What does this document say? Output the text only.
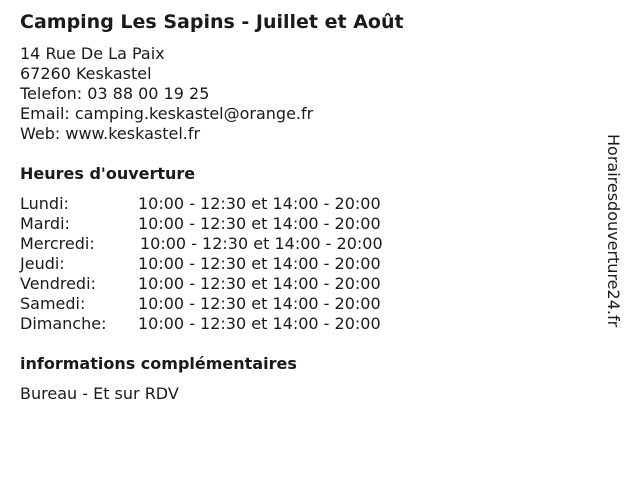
Camping Les Sapins - Juillet et Août
14 Rue De La Paix
67260 Keskastel
Telefon: 03 88 00 19 25
Email: camping.keskastel@orange.fr
Web: www.keskastel.fr
Heures d'ouverture
Lundi:	10:00 - 12:30 et 14:00 - 20:00
Mardi:	10:00 - 12:30 et 14:00 - 20:00
Mercredi:	10:00 - 12:30 et 14:00 - 20:00
Jeudi:	10:00 - 12:30 et 14:00 - 20:00
Vendredi:	10:00 - 12:30 et 14:00 - 20:00
Samedi:	10:00 - 12:30 et 14:00 - 20:00
Dimanche: 10:00 - 12:30 et 14:00 - 20:00
informations complémentaires
Bureau - Et sur RDV
Horairesdouverture24.fr
